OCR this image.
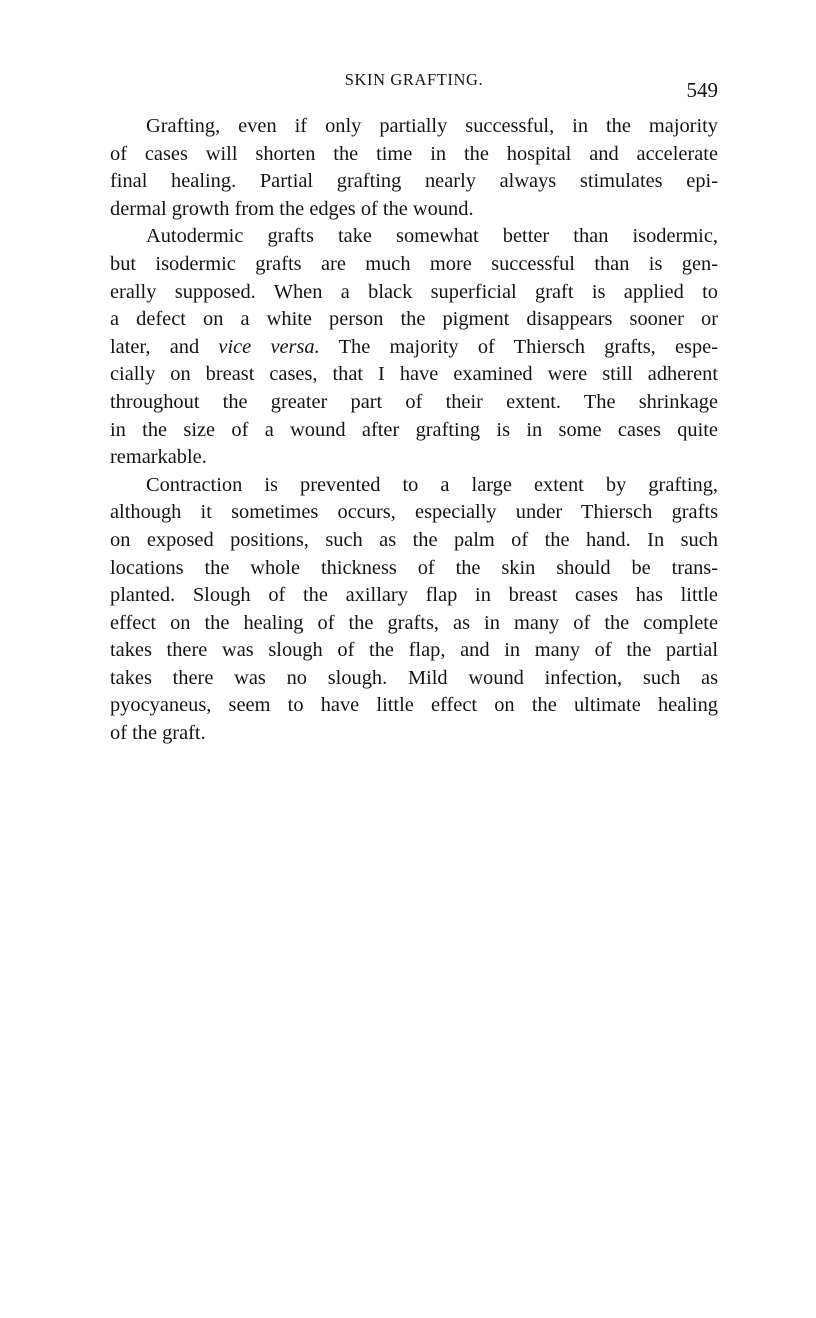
SKIN GRAFTING.	549

Grafting, even if only partially successful, in the majority
of cases will shorten the time in the hospital and accelerate
final healing. Partial grafting nearly always stimulates epi-
dermal growth from the edges of the wound.

Autodermic grafts take somewhat better than isodermic,
but isodermic grafts are much more successful than is gen-
erally supposed. When a black superficial graft is applied to
a defect on a white person the pigment disappears sooner or
later, and vice versa. The majority of Thiersch grafts, espe-
cially on breast cases, that I have examined were still adherent
throughout the greater part of their extent. The shrinkage
in the size of a wound after grafting is in some cases quite
remarkable.

Contraction is prevented to a large extent by grafting,
although it sometimes occurs, especially under Thiersch grafts
on exposed positions, such as the palm of the hand. In such
locations the whole thickness of the skin should be trans-
planted. Slough of the axillary flap in breast cases has little
effect on the healing of the grafts, as in many of the complete
takes there was slough of the flap, and in many of the partial
takes there was no slough. Mild wound infection, such as
pyocyaneus, seem to have little effect on the ultimate healing
of the graft.
